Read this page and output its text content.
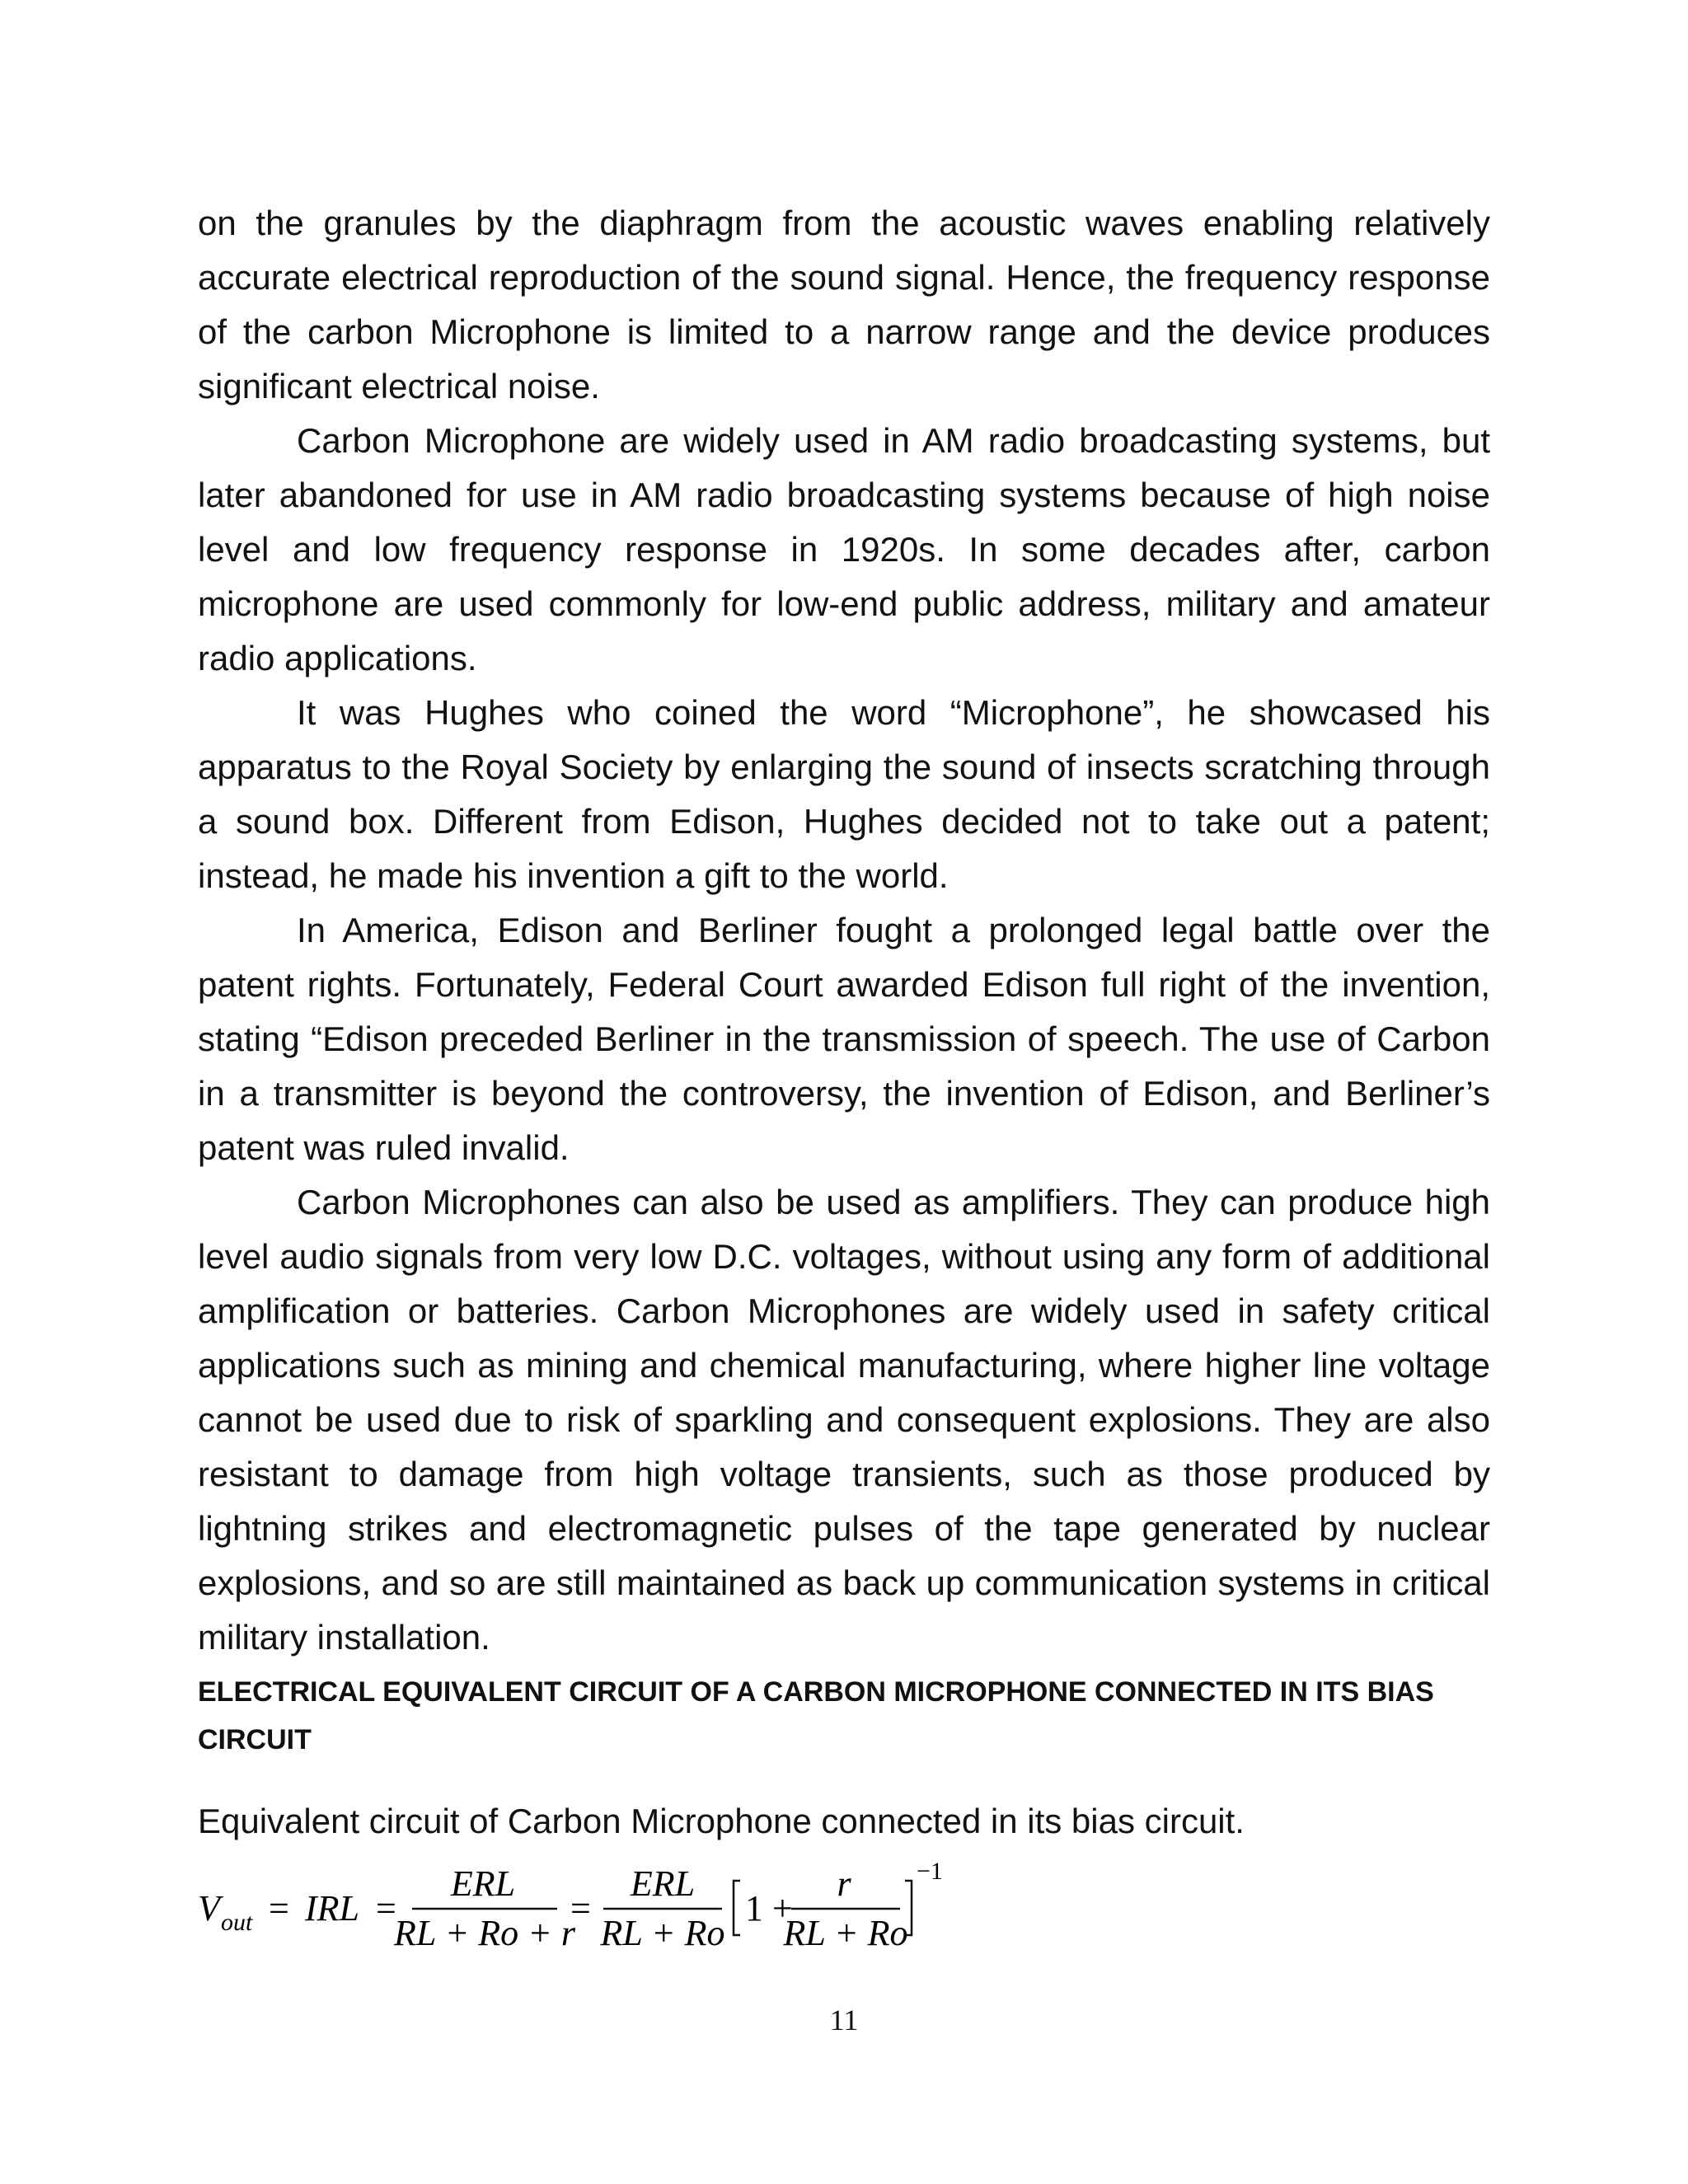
on the granules by the diaphragm from the acoustic waves enabling relatively accurate electrical reproduction of the sound signal. Hence, the frequency response of the carbon Microphone is limited to a narrow range and the device produces significant electrical noise.

Carbon Microphone are widely used in AM radio broadcasting systems, but later abandoned for use in AM radio broadcasting systems because of high noise level and low frequency response in 1920s. In some decades after, carbon microphone are used commonly for low-end public address, military and amateur radio applications.

It was Hughes who coined the word “Microphone”, he showcased his apparatus to the Royal Society by enlarging the sound of insects scratching through a sound box. Different from Edison, Hughes decided not to take out a patent; instead, he made his invention a gift to the world.

In America, Edison and Berliner fought a prolonged legal battle over the patent rights. Fortunately, Federal Court awarded Edison full right of the invention, stating “Edison preceded Berliner in the transmission of speech. The use of Carbon in a transmitter is beyond the controversy, the invention of Edison, and Berliner’s patent was ruled invalid.

Carbon Microphones can also be used as amplifiers. They can produce high level audio signals from very low D.C. voltages, without using any form of additional amplification or batteries. Carbon Microphones are widely used in safety critical applications such as mining and chemical manufacturing, where higher line voltage cannot be used due to risk of sparkling and consequent explosions. They are also resistant to damage from high voltage transients, such as those produced by lightning strikes and electromagnetic pulses of the tape generated by nuclear explosions, and so are still maintained as back up communication systems in critical military installation.

ELECTRICAL EQUIVALENT CIRCUIT OF A CARBON MICROPHONE CONNECTED IN ITS BIAS CIRCUIT
Equivalent circuit of Carbon Microphone connected in its bias circuit.
V out = IRL =
ERL
RL + Ro + r
=
ERL
RL + Ro
1 +
r
RL + Ro
−1
11
